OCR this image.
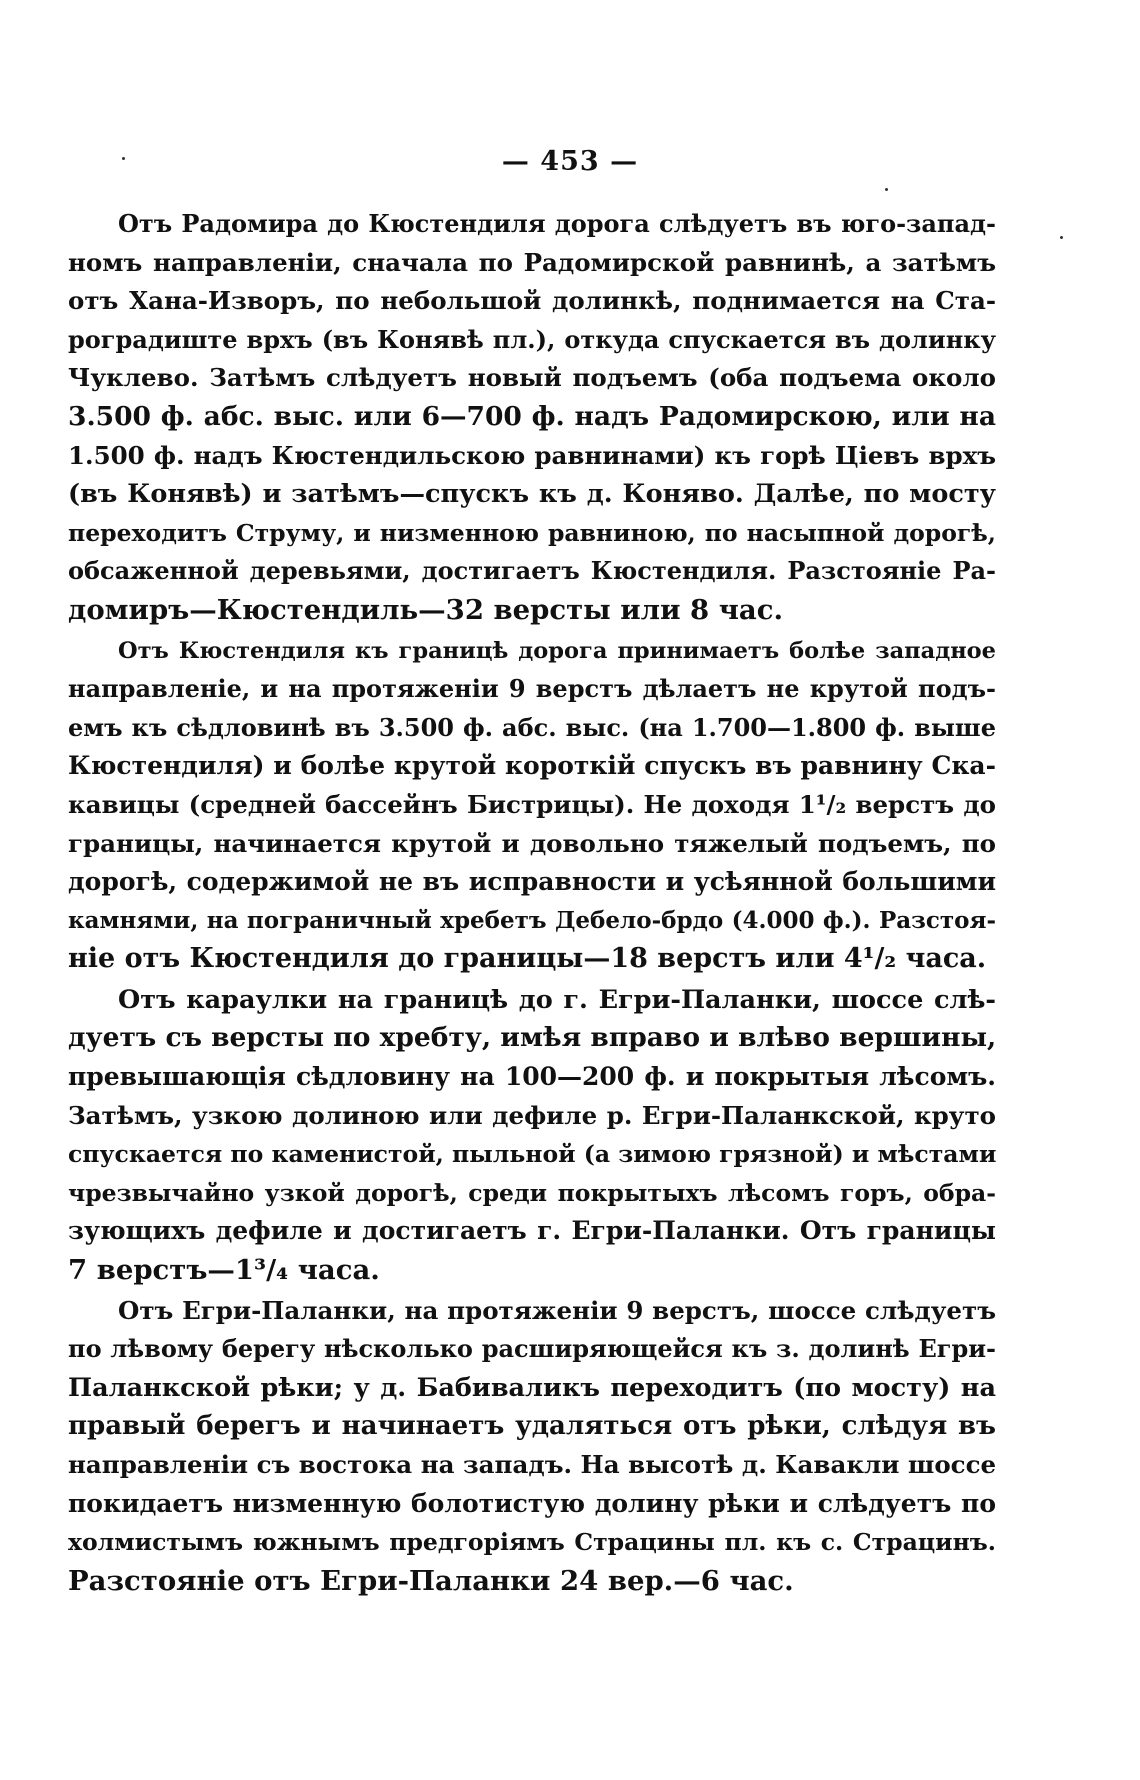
— 453 —
Отъ Радомира до Кюстендиля дорога слѣдуетъ въ юго-запад-
номъ направленіи, сначала по Радомирской равнинѣ, а затѣмъ
отъ Хана-Изворъ, по небольшой долинкѣ, поднимается на Ста-
роградиште врхъ (въ Конявѣ пл.), откуда спускается въ долинку
Чуклево. Затѣмъ слѣдуетъ новый подъемъ (оба подъема около
3.500 ф. абс. выс. или 6—700 ф. надъ Радомирскою, или на
1.500 ф. надъ Кюстендильскою равнинами) къ горѣ Ціевъ врхъ
(въ Конявѣ) и затѣмъ—спускъ къ д. Коняво. Далѣе, по мосту
переходитъ Струму, и низменною равниною, по насыпной дорогѣ,
обсаженной деревьями, достигаетъ Кюстендиля. Разстояніе Ра-
домиръ—Кюстендиль—32 версты или 8 час.
Отъ Кюстендиля къ границѣ дорога принимаетъ болѣе западное
направленіе, и на протяженіи 9 верстъ дѣлаетъ не крутой подъ-
емъ къ сѣдловинѣ въ 3.500 ф. абс. выс. (на 1.700—1.800 ф. выше
Кюстендиля) и болѣе крутой короткій спускъ въ равнину Ска-
кавицы (средней бассейнъ Бистрицы). Не доходя 1¹/₂ верстъ до
границы, начинается крутой и довольно тяжелый подъемъ, по
дорогѣ, содержимой не въ исправности и усѣянной большими
камнями, на пограничный хребетъ Дебело-брдо (4.000 ф.). Разстоя-
ніе отъ Кюстендиля до границы—18 верстъ или 4¹/₂ часа.
Отъ караулки на границѣ до г. Егри-Паланки, шоссе слѣ-
дуетъ съ версты по хребту, имѣя вправо и влѣво вершины,
превышающія сѣдловину на 100—200 ф. и покрытыя лѣсомъ.
Затѣмъ, узкою долиною или дефиле р. Егри-Паланкской, круто
спускается по каменистой, пыльной (а зимою грязной) и мѣстами
чрезвычайно узкой дорогѣ, среди покрытыхъ лѣсомъ горъ, обра-
зующихъ дефиле и достигаетъ г. Егри-Паланки. Отъ границы
7 верстъ—1³/₄ часа.
Отъ Егри-Паланки, на протяженіи 9 верстъ, шоссе слѣдуетъ
по лѣвому берегу нѣсколько расширяющейся къ з. долинѣ Егри-
Паланкской рѣки; у д. Бабиваликъ переходитъ (по мосту) на
правый берегъ и начинаетъ удаляться отъ рѣки, слѣдуя въ
направленіи съ востока на западъ. На высотѣ д. Кавакли шоссе
покидаетъ низменную болотистую долину рѣки и слѣдуетъ по
холмистымъ южнымъ предгоріямъ Страцины пл. къ с. Страцинъ.
Разстояніе отъ Егри-Паланки 24 вер.—6 час.
